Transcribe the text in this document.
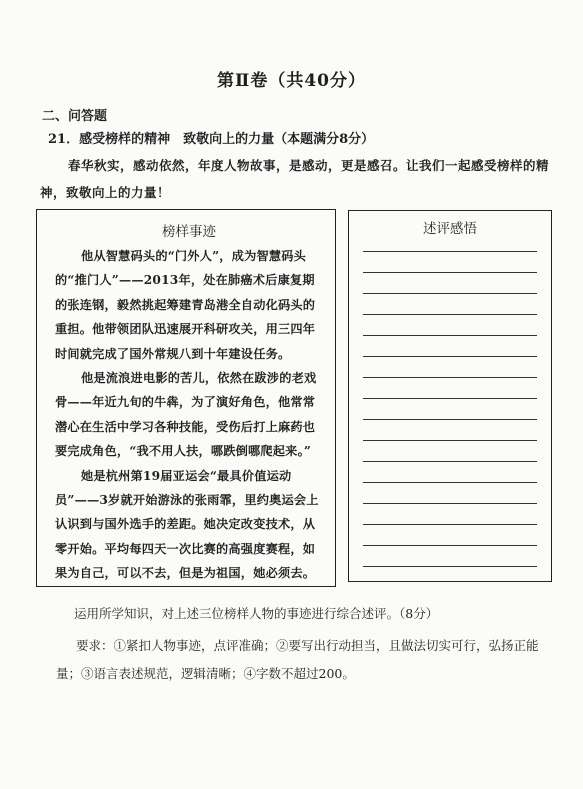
第Ⅱ卷（共40分）
二、问答题
21．感受榜样的精神　致敬向上的力量（本题满分8分）
春华秋实，感动依然，年度人物故事，是感动，更是感召。让我们一起感受榜样的精神，致敬向上的力量！
榜样事迹

他从智慧码头的“门外人”，成为智慧码头的“推门人”——2013年，处在肺癌术后康复期的张连钢，毅然挑起筹建青岛港全自动化码头的重担。他带领团队迅速展开科研攻关，用三四年时间就完成了国外常规八到十年建设任务。

他是流浪进电影的苦儿，依然在跋涉的老戏骨——年近九旬的牛犇，为了演好角色，他常常潜心在生活中学习各种技能，受伤后打上麻药也要完成角色，“我不用人扶，哪跌倒哪爬起来。”

她是杭州第19届亚运会“最具价值运动员”——3岁就开始游泳的张雨霏，里约奥运会上认识到与国外选手的差距。她决定改变技术，从零开始。平均每四天一次比赛的高强度赛程，如果为自己，可以不去，但是为祖国，她必须去。

述评感悟
运用所学知识，对上述三位榜样人物的事迹进行综合述评。（8分）
要求：①紧扣人物事迹，点评准确；②要写出行动担当，且做法切实可行，弘扬正能量；③语言表述规范，逻辑清晰；④字数不超过200。
